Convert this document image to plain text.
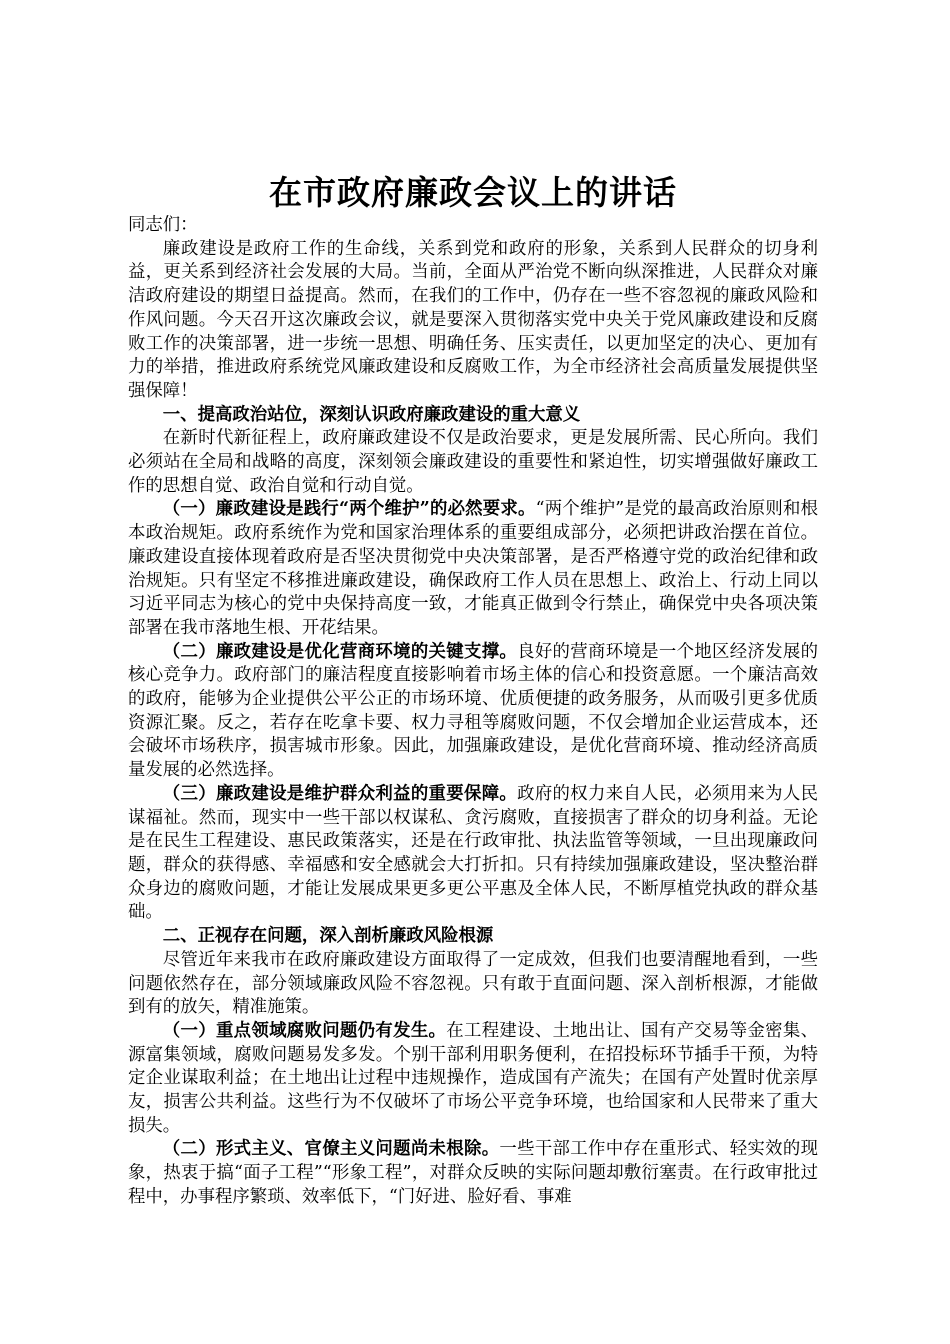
在市政府廉政会议上的讲话

同志们：

廉政建设是政府工作的生命线，关系到党和政府的形象，关系到人民群众的切身利益，更关系到经济社会发展的大局。当前，全面从严治党不断向纵深推进，人民群众对廉洁政府建设的期望日益提高。然而，在我们的工作中，仍存在一些不容忽视的廉政风险和作风问题。今天召开这次廉政会议，就是要深入贯彻落实党中央关于党风廉政建设和反腐败工作的决策部署，进一步统一思想、明确任务、压实责任，以更加坚定的决心、更加有力的举措，推进政府系统党风廉政建设和反腐败工作，为全市经济社会高质量发展提供坚强保障！

一、提高政治站位，深刻认识政府廉政建设的重大意义

在新时代新征程上，政府廉政建设不仅是政治要求，更是发展所需、民心所向。我们必须站在全局和战略的高度，深刻领会廉政建设的重要性和紧迫性，切实增强做好廉政工作的思想自觉、政治自觉和行动自觉。

（一）廉政建设是践行“两个维护”的必然要求。“两个维护”是党的最高政治原则和根本政治规矩。政府系统作为党和国家治理体系的重要组成部分，必须把讲政治摆在首位。廉政建设直接体现着政府是否坚决贯彻党中央决策部署，是否严格遵守党的政治纪律和政治规矩。只有坚定不移推进廉政建设，确保政府工作人员在思想上、政治上、行动上同以习近平同志为核心的党中央保持高度一致，才能真正做到令行禁止，确保党中央各项决策部署在我市落地生根、开花结果。

（二）廉政建设是优化营商环境的关键支撑。良好的营商环境是一个地区经济发展的核心竞争力。政府部门的廉洁程度直接影响着市场主体的信心和投资意愿。一个廉洁高效的政府，能够为企业提供公平公正的市场环境、优质便捷的政务服务，从而吸引更多优质资源汇聚。反之，若存在吃拿卡要、权力寻租等腐败问题，不仅会增加企业运营成本，还会破坏市场秩序，损害城市形象。因此，加强廉政建设，是优化营商环境、推动经济高质量发展的必然选择。

（三）廉政建设是维护群众利益的重要保障。政府的权力来自人民，必须用来为人民谋福祉。然而，现实中一些干部以权谋私、贪污腐败，直接损害了群众的切身利益。无论是在民生工程建设、惠民政策落实，还是在行政审批、执法监管等领域，一旦出现廉政问题，群众的获得感、幸福感和安全感就会大打折扣。只有持续加强廉政建设，坚决整治群众身边的腐败问题，才能让发展成果更多更公平惠及全体人民，不断厚植党执政的群众基础。

二、正视存在问题，深入剖析廉政风险根源

尽管近年来我市在政府廉政建设方面取得了一定成效，但我们也要清醒地看到，一些问题依然存在，部分领域廉政风险不容忽视。只有敢于直面问题、深入剖析根源，才能做到有的放矢，精准施策。

（一）重点领域腐败问题仍有发生。在工程建设、土地出让、国有产交易等金密集、源富集领域，腐败问题易发多发。个别干部利用职务便利，在招投标环节插手干预，为特定企业谋取利益；在土地出让过程中违规操作，造成国有产流失；在国有产处置时优亲厚友，损害公共利益。这些行为不仅破坏了市场公平竞争环境，也给国家和人民带来了重大损失。

（二）形式主义、官僚主义问题尚未根除。一些干部工作中存在重形式、轻实效的现象，热衷于搞“面子工程”“形象工程”，对群众反映的实际问题却敷衍塞责。在行政审批过程中，办事程序繁琐、效率低下，“门好进、脸好看、事难
